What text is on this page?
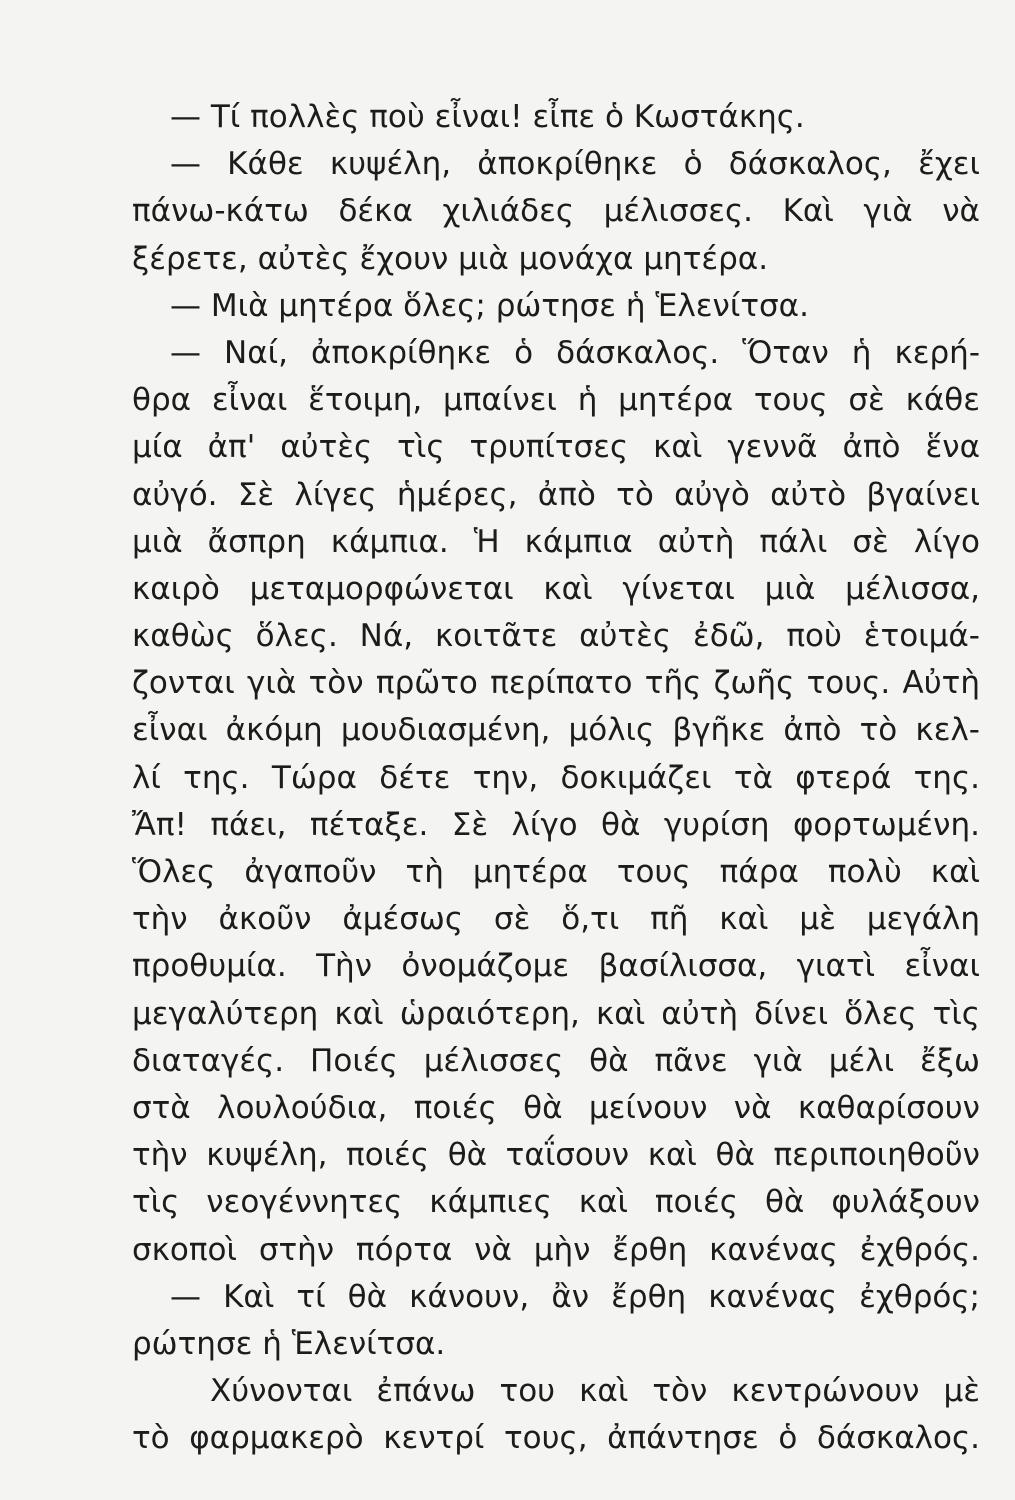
— Τί πολλὲς ποὺ εἶναι! εἶπε ὁ Κωστάκης.
— Κάθε κυψέλη, ἀποκρίθηκε ὁ δάσκαλος, ἔχει
πάνω-κάτω δέκα χιλιάδες μέλισσες. Καὶ γιὰ νὰ
ξέρετε, αὐτὲς ἔχουν μιὰ μονάχα μητέρα.
— Μιὰ μητέρα ὅλες; ρώτησε ἡ Ἑλενίτσα.
— Ναί, ἀποκρίθηκε ὁ δάσκαλος. Ὅταν ἡ κερή-
θρα εἶναι ἕτοιμη, μπαίνει ἡ μητέρα τους σὲ κάθε
μία ἀπ' αὐτὲς τὶς τρυπίτσες καὶ γεννᾶ ἀπὸ ἕνα
αὐγό. Σὲ λίγες ἡμέρες, ἀπὸ τὸ αὐγὸ αὐτὸ βγαίνει
μιὰ ἄσπρη κάμπια. Ἡ κάμπια αὐτὴ πάλι σὲ λίγο
καιρὸ μεταμορφώνεται καὶ γίνεται μιὰ μέλισσα,
καθὼς ὅλες. Νά, κοιτᾶτε αὐτὲς ἐδῶ, ποὺ ἑτοιμά-
ζονται γιὰ τὸν πρῶτο περίπατο τῆς ζωῆς τους. Αὐτὴ
εἶναι ἀκόμη μουδιασμένη, μόλις βγῆκε ἀπὸ τὸ κελ-
λί της. Τώρα δέτε την, δοκιμάζει τὰ φτερά της.
Ἄπ! πάει, πέταξε. Σὲ λίγο θὰ γυρίση φορτωμένη.
Ὅλες ἀγαποῦν τὴ μητέρα τους πάρα πολὺ καὶ
τὴν ἀκοῦν ἀμέσως σὲ ὅ,τι πῆ καὶ μὲ μεγάλη
προθυμία. Τὴν ὀνομάζομε βασίλισσα, γιατὶ εἶναι
μεγαλύτερη καὶ ὡραιότερη, καὶ αὐτὴ δίνει ὅλες τὶς
διαταγές. Ποιές μέλισσες θὰ πᾶνε γιὰ μέλι ἔξω
στὰ λουλούδια, ποιές θὰ μείνουν νὰ καθαρίσουν
τὴν κυψέλη, ποιές θὰ ταΐσουν καὶ θὰ περιποιηθοῦν
τὶς νεογέννητες κάμπιες καὶ ποιές θὰ φυλάξουν
σκοποὶ στὴν πόρτα νὰ μὴν ἔρθη κανένας ἐχθρός.
— Καὶ τί θὰ κάνουν, ἂν ἔρθη κανένας ἐχθρός;
ρώτησε ἡ Ἑλενίτσα.
Χύνονται ἐπάνω του καὶ τὸν κεντρώνουν μὲ
τὸ φαρμακερὸ κεντρί τους, ἀπάντησε ὁ δάσκαλος.
